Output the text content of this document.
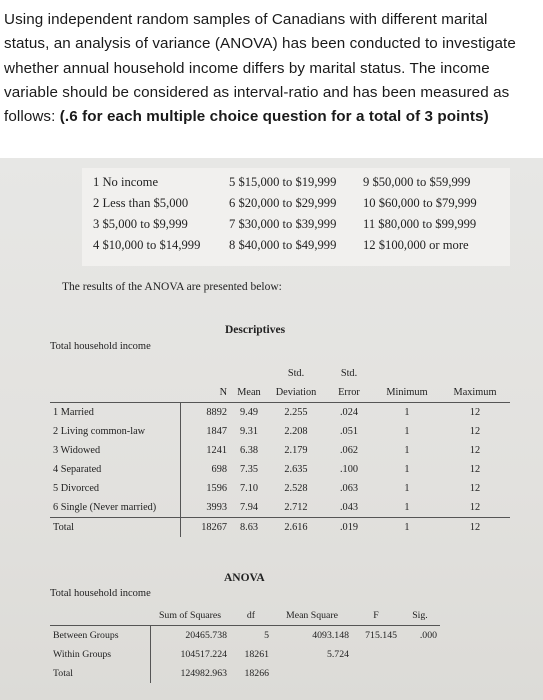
Using independent random samples of Canadians with different marital
status, an analysis of variance (ANOVA) has been conducted to investigate
whether annual household income differs by marital status. The income
variable should be considered as interval-ratio and has been measured as
follows: (.6 for each multiple choice question for a total of 3 points)

1 No income
2 Less than $5,000
3 $5,000 to $9,999
4 $10,000 to $14,999
5 $15,000 to $19,999
6 $20,000 to $29,999
7 $30,000 to $39,999
8 $40,000 to $49,999
9 $50,000 to $59,999
10 $60,000 to $79,999
11 $80,000 to $99,999
12 $100,000 or more
The results of the ANOVA are presented below:
Descriptives
Total household income
			Std.	Std.		
	N	Mean	Deviation	Error	Minimum	Maximum
1 Married	8892	9.49	2.255	.024	1	12
2 Living common-law	1847	9.31	2.208	.051	1	12
3 Widowed	1241	6.38	2.179	.062	1	12
4 Separated	698	7.35	2.635	.100	1	12
5 Divorced	1596	7.10	2.528	.063	1	12
6 Single (Never married)	3993	7.94	2.712	.043	1	12
Total	18267	8.63	2.616	.019	1	12
ANOVA
Total household income
	Sum of Squares	df	Mean Square	F	Sig.
Between Groups	20465.738	5	4093.148	715.145	.000
Within Groups	104517.224	18261	5.724		
Total	124982.963	18266			
